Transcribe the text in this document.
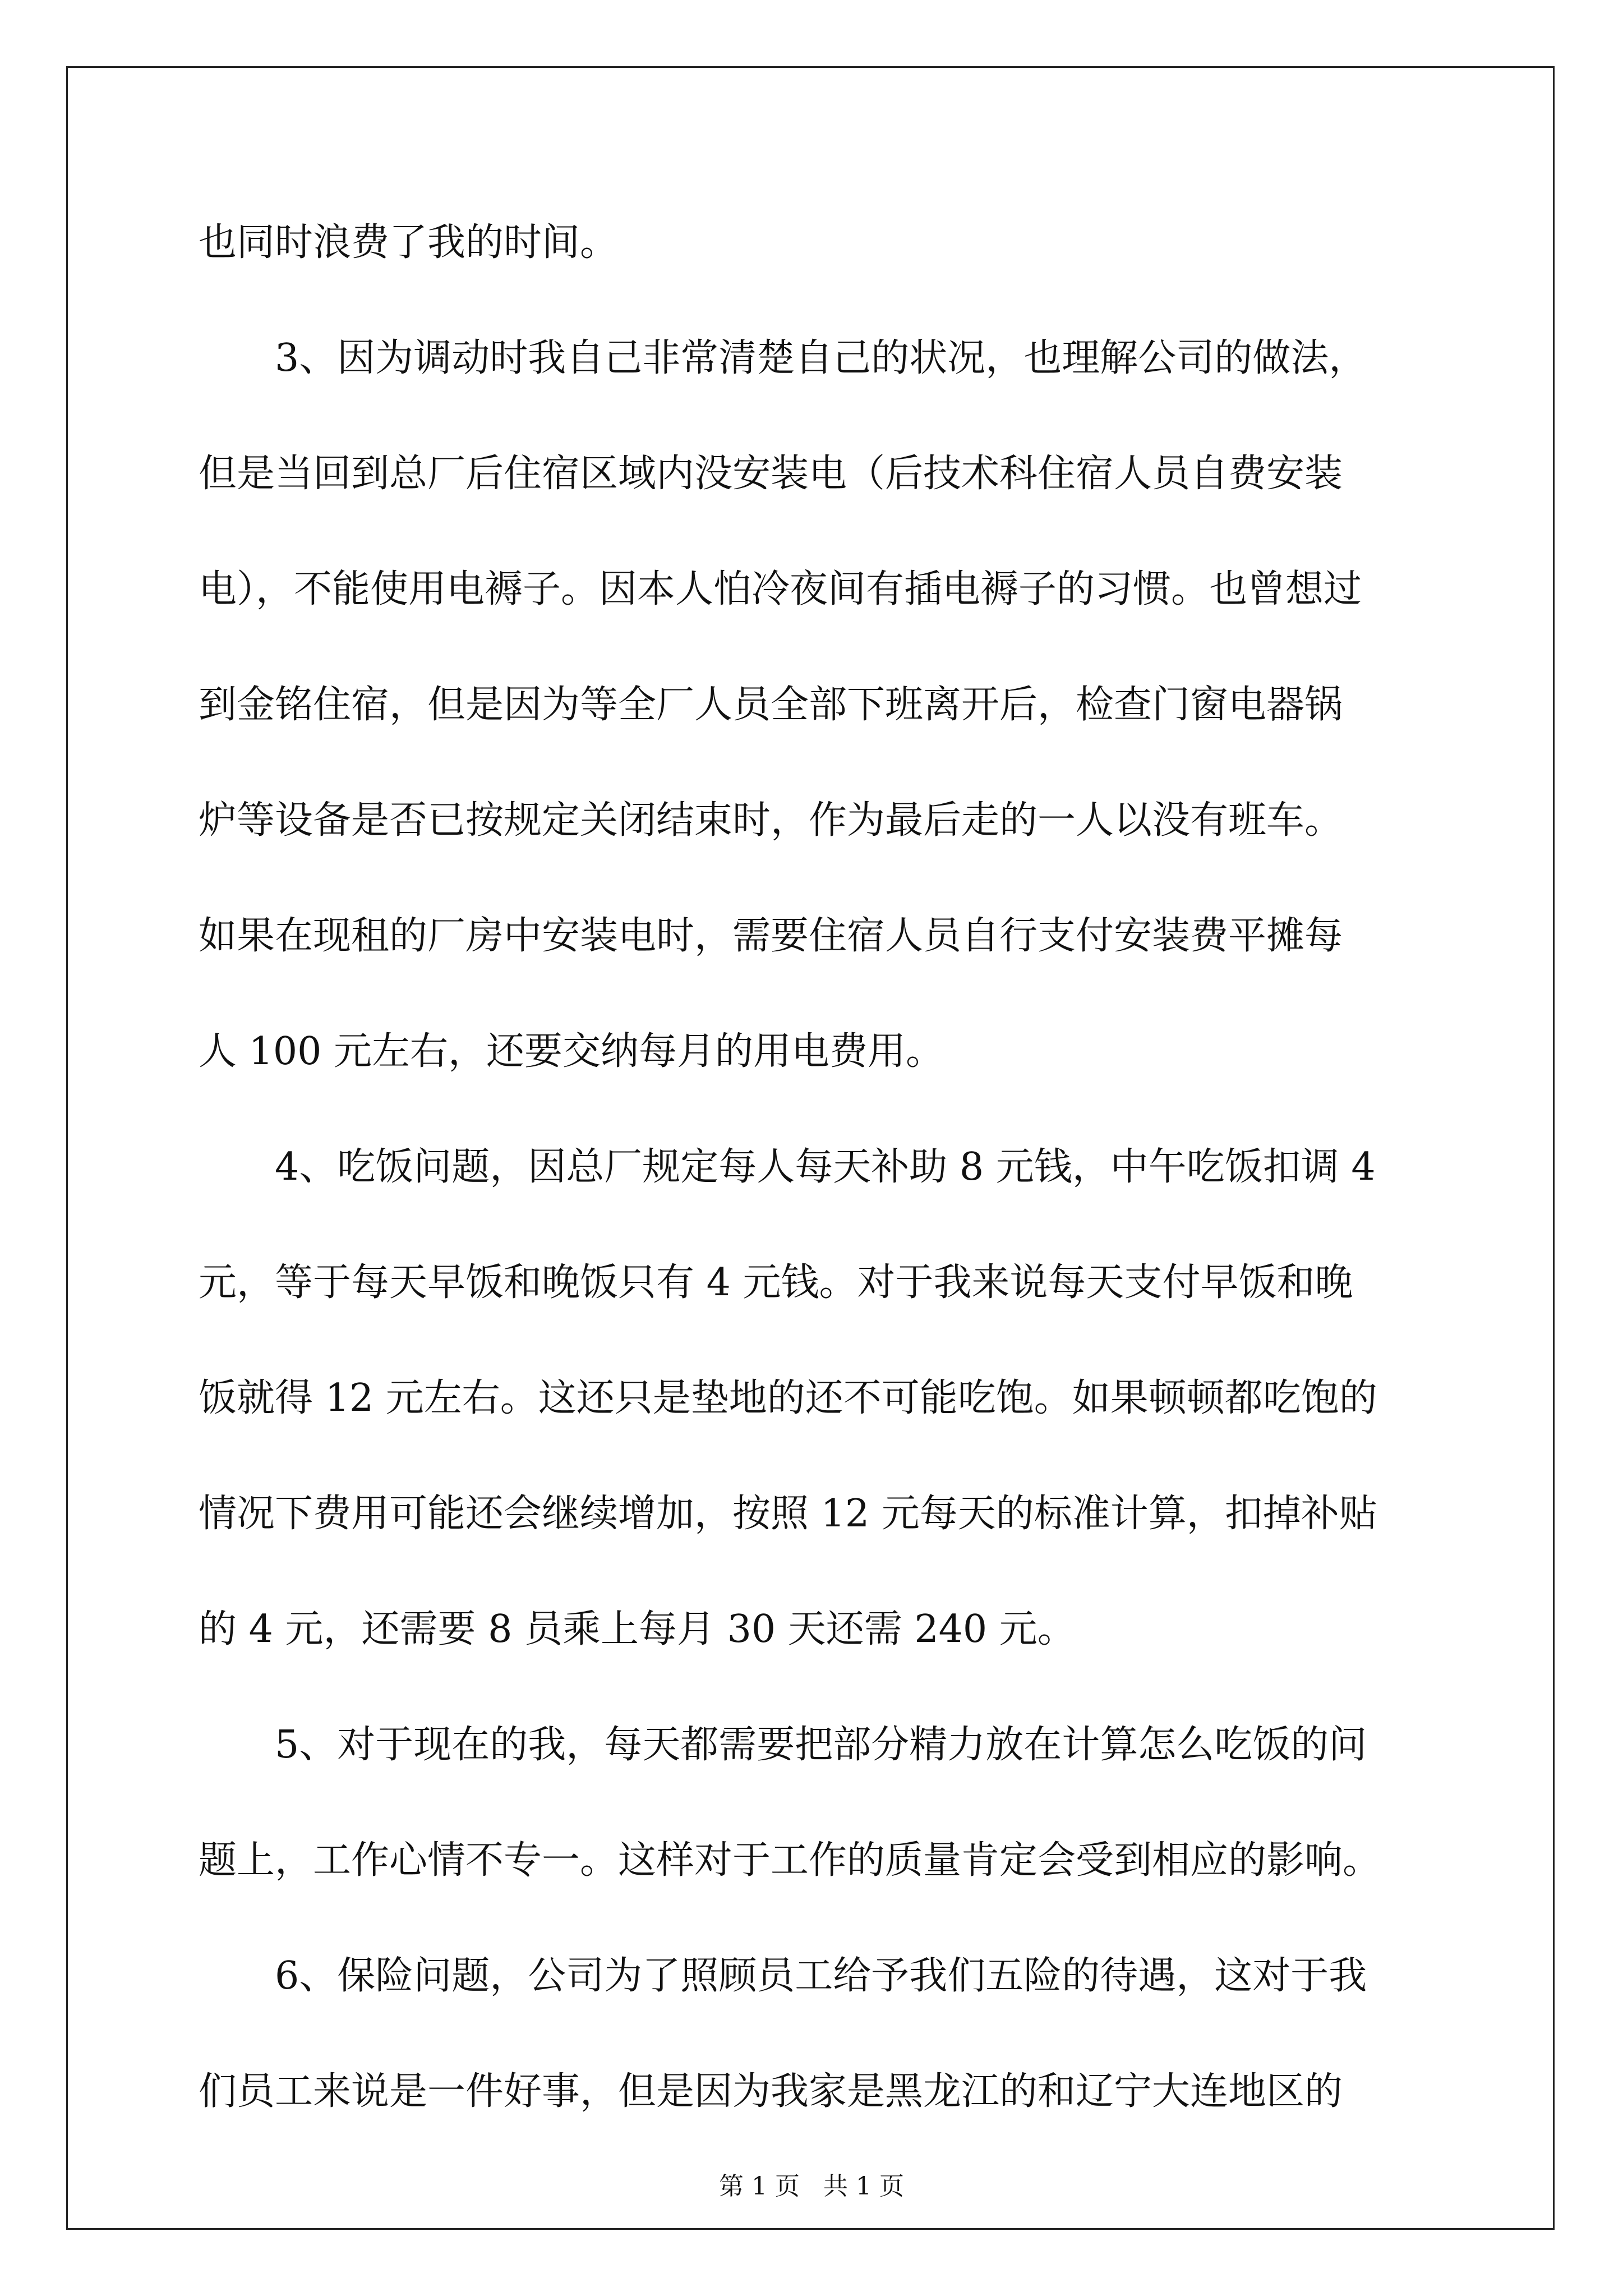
也同时浪费了我的时间。
3、因为调动时我自己非常清楚自己的状况，也理解公司的做法，
但是当回到总厂后住宿区域内没安装电（后技术科住宿人员自费安装
电），不能使用电褥子。因本人怕冷夜间有插电褥子的习惯。也曾想过
到金铭住宿，但是因为等全厂人员全部下班离开后，检查门窗电器锅
炉等设备是否已按规定关闭结束时，作为最后走的一人以没有班车。
如果在现租的厂房中安装电时，需要住宿人员自行支付安装费平摊每
人 100 元左右，还要交纳每月的用电费用。
4、吃饭问题，因总厂规定每人每天补助 8 元钱，中午吃饭扣调 4
元，等于每天早饭和晚饭只有 4 元钱。对于我来说每天支付早饭和晚
饭就得 12 元左右。这还只是垫地的还不可能吃饱。如果顿顿都吃饱的
情况下费用可能还会继续增加，按照 12 元每天的标准计算，扣掉补贴
的 4 元，还需要 8 员乘上每月 30 天还需 240 元。
5、对于现在的我，每天都需要把部分精力放在计算怎么吃饭的问
题上，工作心情不专一。这样对于工作的质量肯定会受到相应的影响。
6、保险问题，公司为了照顾员工给予我们五险的待遇，这对于我
们员工来说是一件好事，但是因为我家是黑龙江的和辽宁大连地区的
第 1 页 共 1 页
